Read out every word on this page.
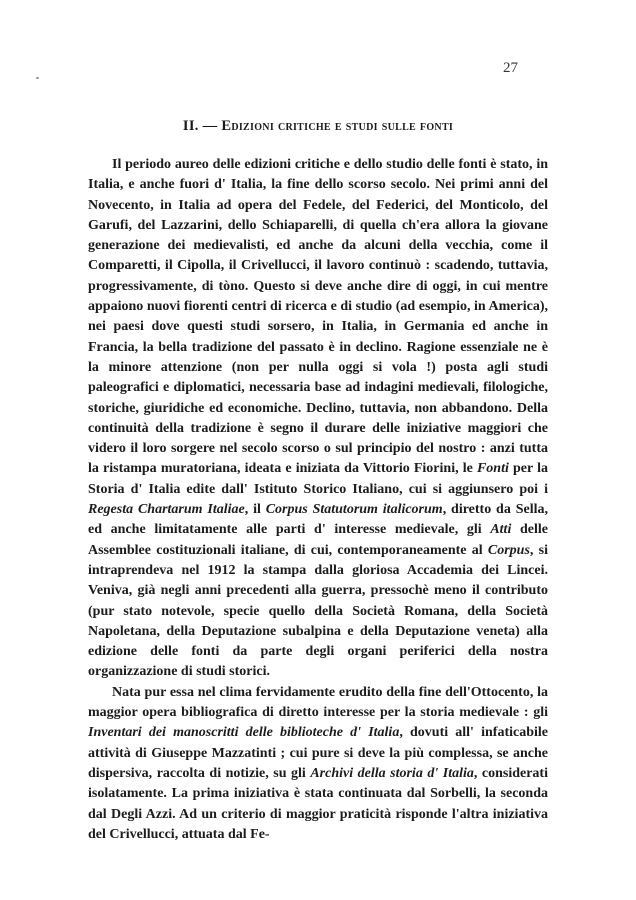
27
II. — Edizioni critiche e studi sulle fonti

Il periodo aureo delle edizioni critiche e dello studio delle fonti è stato, in Italia, e anche fuori d' Italia, la fine dello scorso secolo. Nei primi anni del Novecento, in Italia ad opera del Fedele, del Federici, del Monticolo, del Garufi, del Lazzarini, dello Schiaparelli, di quella ch'era allora la giovane generazione dei medievalisti, ed anche da alcuni della vecchia, come il Comparetti, il Cipolla, il Crivellucci, il lavoro continuò : scadendo, tuttavia, progressivamente, di tòno. Questo si deve anche dire di oggi, in cui mentre appaiono nuovi fiorenti centri di ricerca e di studio (ad esempio, in America), nei paesi dove questi studi sorsero, in Italia, in Germania ed anche in Francia, la bella tradizione del passato è in declino. Ragione essenziale ne è la minore attenzione (non per nulla oggi si vola !) posta agli studi paleografici e diplomatici, necessaria base ad indagini medievali, filologiche, storiche, giuridiche ed economiche. Declino, tuttavia, non abbandono. Della continuità della tradizione è segno il durare delle iniziative maggiori che videro il loro sorgere nel secolo scorso o sul principio del nostro : anzi tutta la ristampa muratoriana, ideata e iniziata da Vittorio Fiorini, le Fonti per la Storia d' Italia edite dall' Istituto Storico Italiano, cui si aggiunsero poi i Regesta Chartarum Italiae, il Corpus Statutorum italicorum, diretto da Sella, ed anche limitatamente alle parti d' interesse medievale, gli Atti delle Assemblee costituzionali italiane, di cui, contemporaneamente al Corpus, si intraprendeva nel 1912 la stampa dalla gloriosa Accademia dei Lincei. Veniva, già negli anni precedenti alla guerra, pressochè meno il contributo (pur stato notevole, specie quello della Società Romana, della Società Napoletana, della Deputazione subalpina e della Deputazione veneta) alla edizione delle fonti da parte degli organi periferici della nostra organizzazione di studi storici.

Nata pur essa nel clima fervidamente erudito della fine dell'Ottocento, la maggior opera bibliografica di diretto interesse per la storia medievale : gli Inventari dei manoscritti delle biblioteche d' Italia, dovuti all' infaticabile attività di Giuseppe Mazzatinti ; cui pure si deve la più complessa, se anche dispersiva, raccolta di notizie, su gli Archivi della storia d' Italia, considerati isolatamente. La prima iniziativa è stata continuata dal Sorbelli, la seconda dal Degli Azzi. Ad un criterio di maggior praticità risponde l'altra iniziativa del Crivellucci, attuata dal Fe-
